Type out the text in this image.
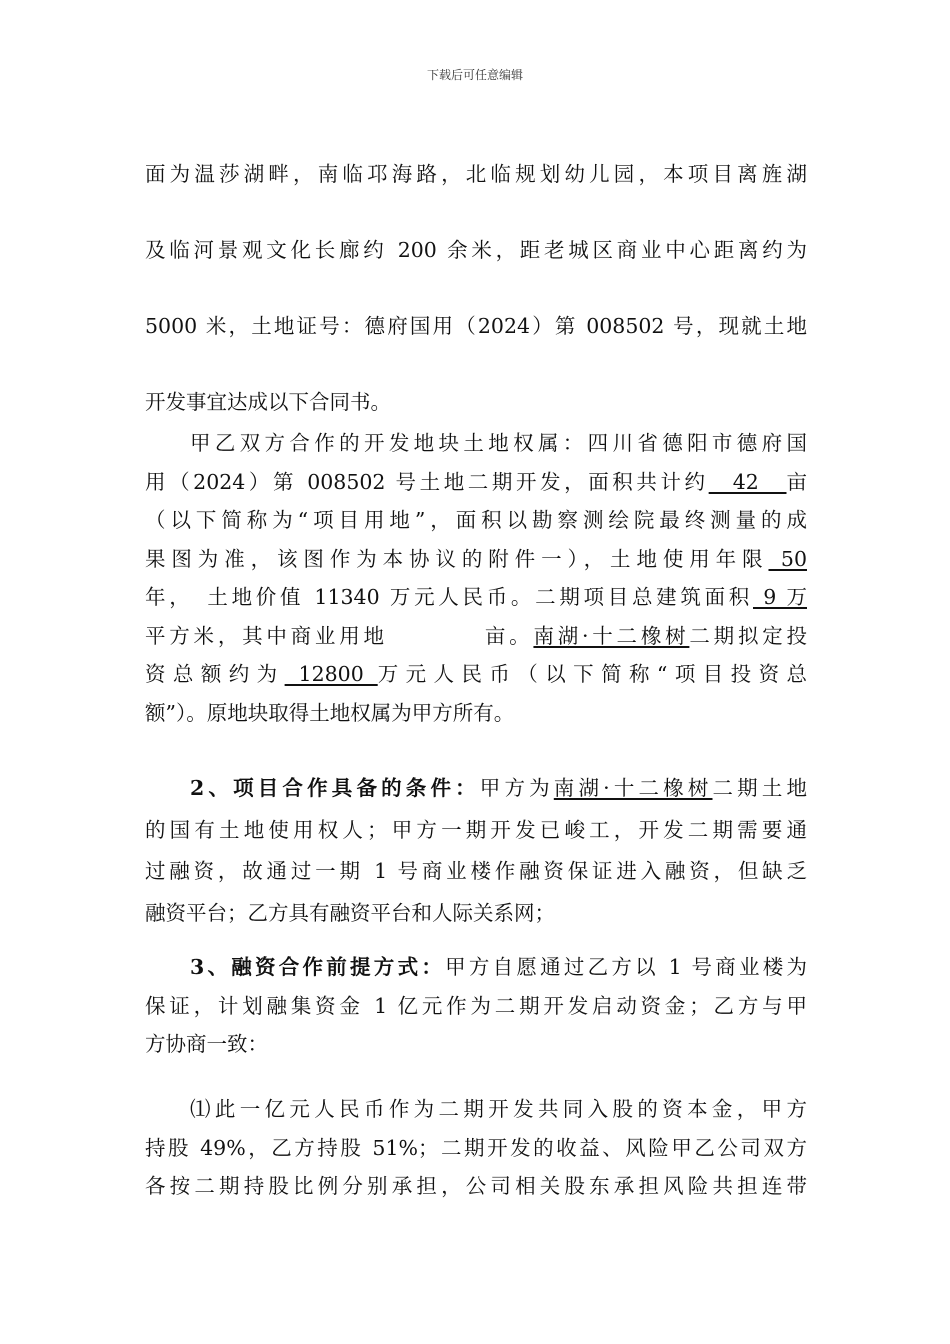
下载后可任意编辑
面为温莎湖畔，南临邛海路，北临规划幼儿园，本项目离旌湖
及临河景观文化长廊约 200 余米，距老城区商业中心距离约为
5000 米，土地证号：德府国用（2024）第 008502 号，现就土地
开发事宜达成以下合同书。
甲乙双方合作的开发地块土地权属：四川省德阳市德府国
用（2024）第 008502 号土地二期开发，面积共计约　42　亩
（以下简称为“项目用地”，面积以勘察测绘院最终测量的成
果图为准，该图作为本协议的附件一），土地使用年限 50
年，　土地价值 11340 万元人民币。二期项目总建筑面积 9 万
平方米，其中商业用地　　　　亩。南湖·十二橡树二期拟定投
资总额约为 12800 万元人民币（以下简称“项目投资总
额”）。原地块取得土地权属为甲方所有。
2、项目合作具备的条件：甲方为南湖·十二橡树二期土地
的国有土地使用权人；甲方一期开发已峻工，开发二期需要通
过融资，故通过一期 1 号商业楼作融资保证进入融资，但缺乏
融资平台；乙方具有融资平台和人际关系网；
3、融资合作前提方式：甲方自愿通过乙方以 1 号商业楼为
保证，计划融集资金 1 亿元作为二期开发启动资金；乙方与甲
方协商一致：
⑴此一亿元人民币作为二期开发共同入股的资本金，甲方
持股 49%，乙方持股 51%；二期开发的收益、风险甲乙公司双方
各按二期持股比例分别承担，公司相关股东承担风险共担连带
